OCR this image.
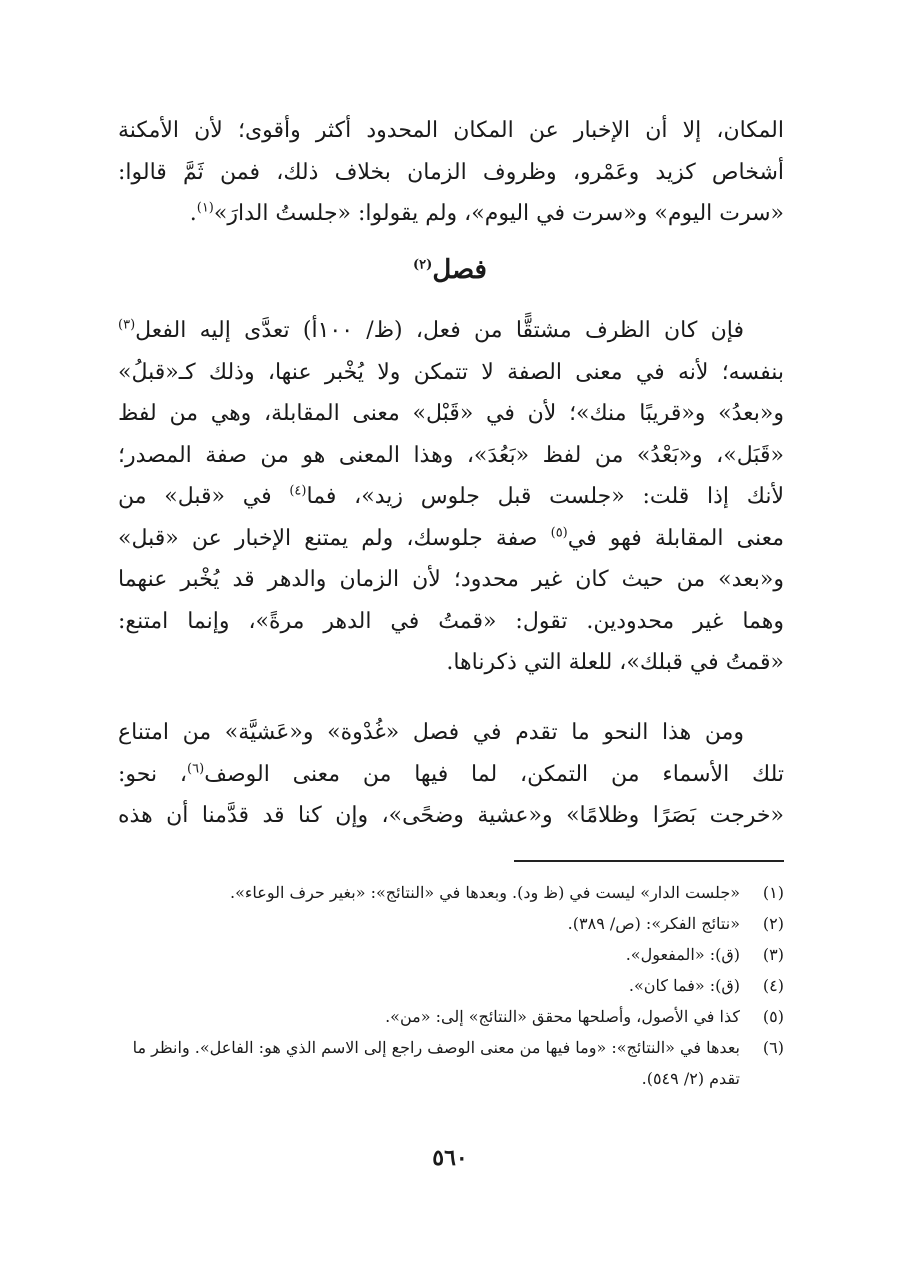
المكان، إلا أن الإخبار عن المكان المحدود أكثر وأقوى؛ لأن الأمكنة
أشخاص كزيد وعَمْرو، وظروف الزمان بخلاف ذلك، فمن ثَمَّ قالوا:
«سرت اليوم» و«سرت في اليوم»، ولم يقولوا: «جلستُ الدارَ»$^{(١)}$.
فصل$^{(٢)}$
فإن كان الظرف مشتقًّا من فعل، (ظ/ ١٠٠أ) تعدَّى إليه الفعل$^{(٣)}$
بنفسه؛ لأنه في معنى الصفة لا تتمكن ولا يُخْبر عنها، وذلك كـ«قبلُ»
و«بعدُ» و«قريبًا منك»؛ لأن في «قَبْل» معنى المقابلة، وهي من لفظ
«قَبَل»، و«بَعْدُ» من لفظ «بَعُدَ»، وهذا المعنى هو من صفة المصدر؛
لأنك إذا قلت: «جلست قبل جلوس زيد»، فما$^{(٤)}$ في «قبل» من
معنى المقابلة فهو في$^{(٥)}$ صفة جلوسك، ولم يمتنع الإخبار عن «قبل»
و«بعد» من حيث كان غير محدود؛ لأن الزمان والدهر قد يُخْبر عنهما
وهما غير محدودين. تقول: «قمتُ في الدهر مرةً»، وإنما امتنع:
«قمتُ في قبلك»، للعلة التي ذكرناها.
ومن هذا النحو ما تقدم في فصل «غُدْوة» و«عَشيَّة» من امتناع
تلك الأسماء من التمكن، لما فيها من معنى الوصف$^{(٦)}$، نحو:
«خرجت بَصَرًا وظلامًا» و«عشية وضحًى»، وإن كنا قد قدَّمنا أن هذه
(١)
«جلست الدار» ليست في (ظ ود). وبعدها في «النتائج»: «بغير حرف الوعاء».
(٢)
«نتائج الفكر»: (ص/ ٣٨٩).
(٣)
(ق): «المفعول».
(٤)
(ق): «فما كان».
(٥)
كذا في الأصول، وأصلحها محقق «النتائج» إلى: «من».
(٦)
بعدها في «النتائج»: «وما فيها من معنى الوصف راجع إلى الاسم الذي هو: الفاعل». وانظر ما تقدم (٢/ ٥٤٩).
٥٦٠
